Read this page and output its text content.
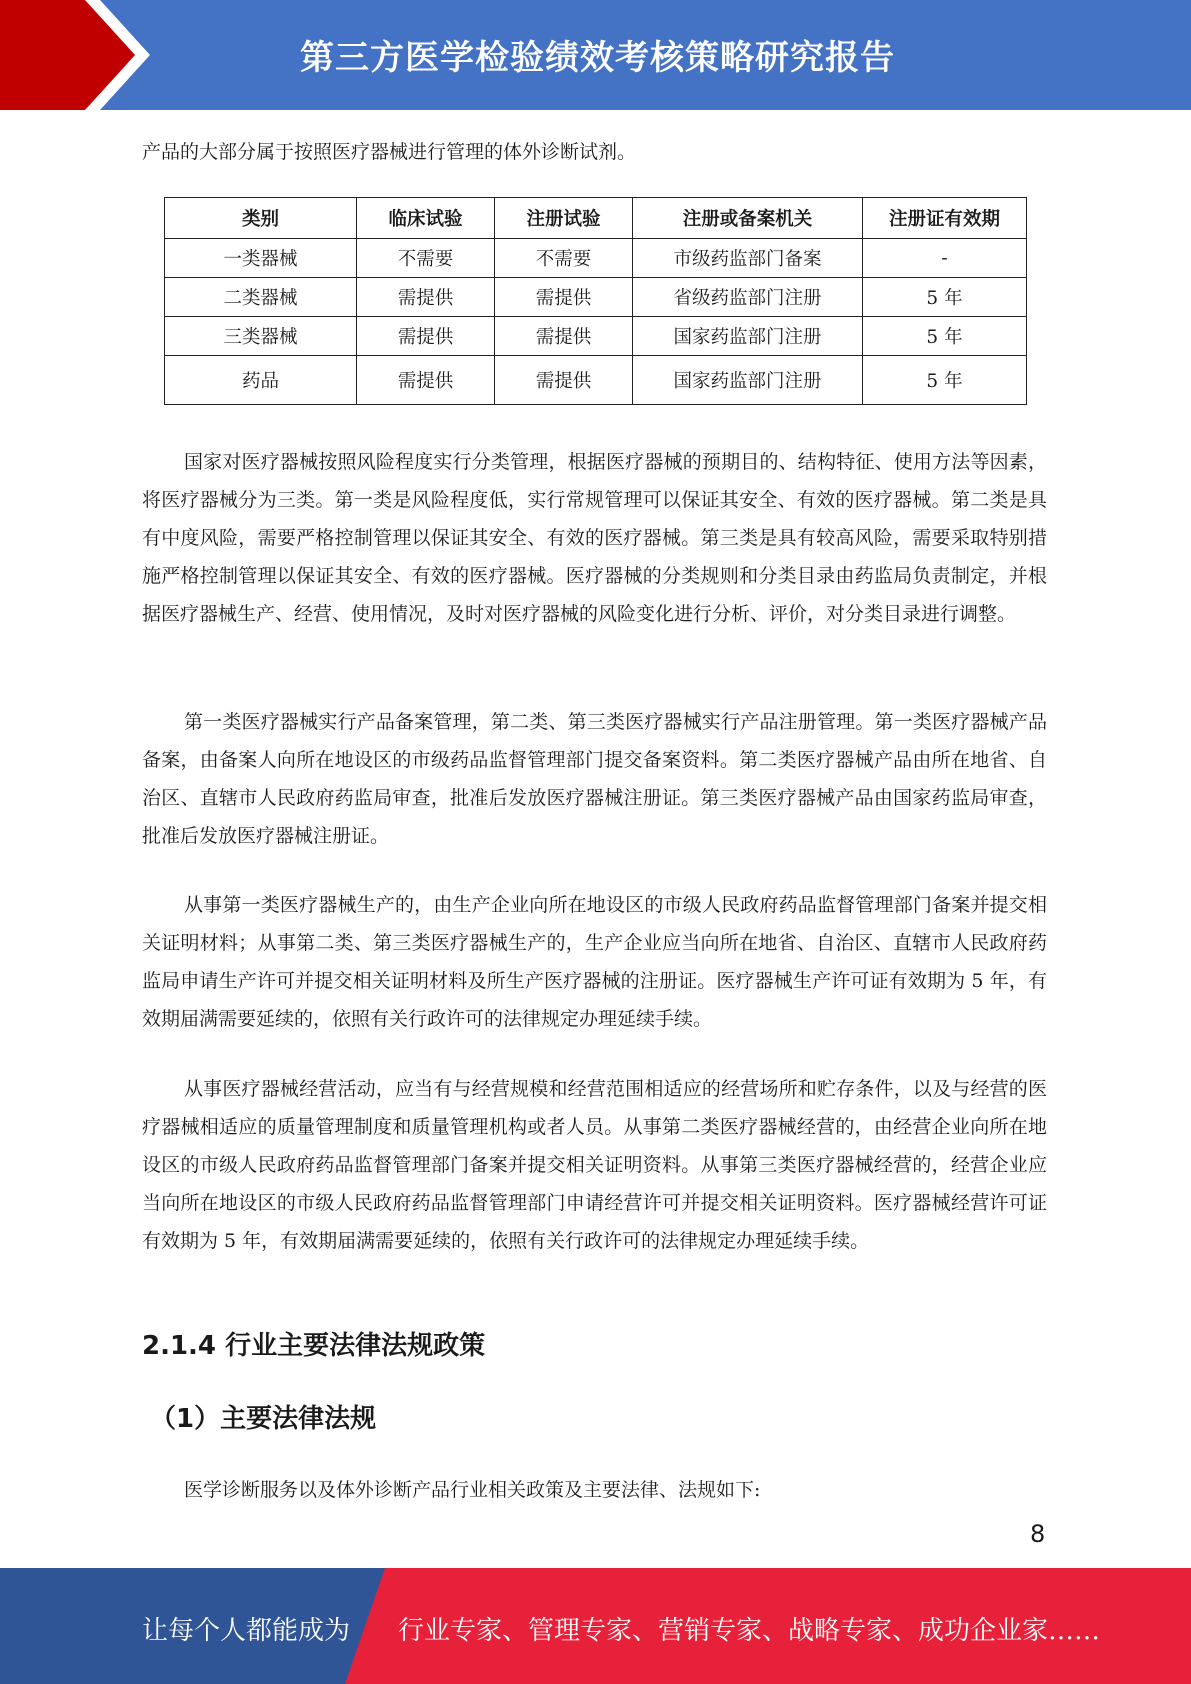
第三方医学检验绩效考核策略研究报告

产品的大部分属于按照医疗器械进行管理的体外诊断试剂。

类别	临床试验	注册试验	注册或备案机关	注册证有效期
一类器械	不需要	不需要	市级药监部门备案	-
二类器械	需提供	需提供	省级药监部门注册	5 年
三类器械	需提供	需提供	国家药监部门注册	5 年
药品	需提供	需提供	国家药监部门注册	5 年

国家对医疗器械按照风险程度实行分类管理，根据医疗器械的预期目的、结构特征、使用方法等因素，将医疗器械分为三类。第一类是风险程度低，实行常规管理可以保证其安全、有效的医疗器械。第二类是具有中度风险，需要严格控制管理以保证其安全、有效的医疗器械。第三类是具有较高风险，需要采取特别措施严格控制管理以保证其安全、有效的医疗器械。医疗器械的分类规则和分类目录由药监局负责制定，并根据医疗器械生产、经营、使用情况，及时对医疗器械的风险变化进行分析、评价，对分类目录进行调整。

第一类医疗器械实行产品备案管理，第二类、第三类医疗器械实行产品注册管理。第一类医疗器械产品备案，由备案人向所在地设区的市级药品监督管理部门提交备案资料。第二类医疗器械产品由所在地省、自治区、直辖市人民政府药监局审查，批准后发放医疗器械注册证。第三类医疗器械产品由国家药监局审查，批准后发放医疗器械注册证。

从事第一类医疗器械生产的，由生产企业向所在地设区的市级人民政府药品监督管理部门备案并提交相关证明材料；从事第二类、第三类医疗器械生产的，生产企业应当向所在地省、自治区、直辖市人民政府药监局申请生产许可并提交相关证明材料及所生产医疗器械的注册证。医疗器械生产许可证有效期为 5 年，有效期届满需要延续的，依照有关行政许可的法律规定办理延续手续。

从事医疗器械经营活动，应当有与经营规模和经营范围相适应的经营场所和贮存条件，以及与经营的医疗器械相适应的质量管理制度和质量管理机构或者人员。从事第二类医疗器械经营的，由经营企业向所在地设区的市级人民政府药品监督管理部门备案并提交相关证明资料。从事第三类医疗器械经营的，经营企业应当向所在地设区的市级人民政府药品监督管理部门申请经营许可并提交相关证明资料。医疗器械经营许可证有效期为 5 年，有效期届满需要延续的，依照有关行政许可的法律规定办理延续手续。

2.1.4 行业主要法律法规政策
（1）主要法律法规

医学诊断服务以及体外诊断产品行业相关政策及主要法律、法规如下:

8
让每个人都能成为 行业专家、管理专家、营销专家、战略专家、成功企业家……
